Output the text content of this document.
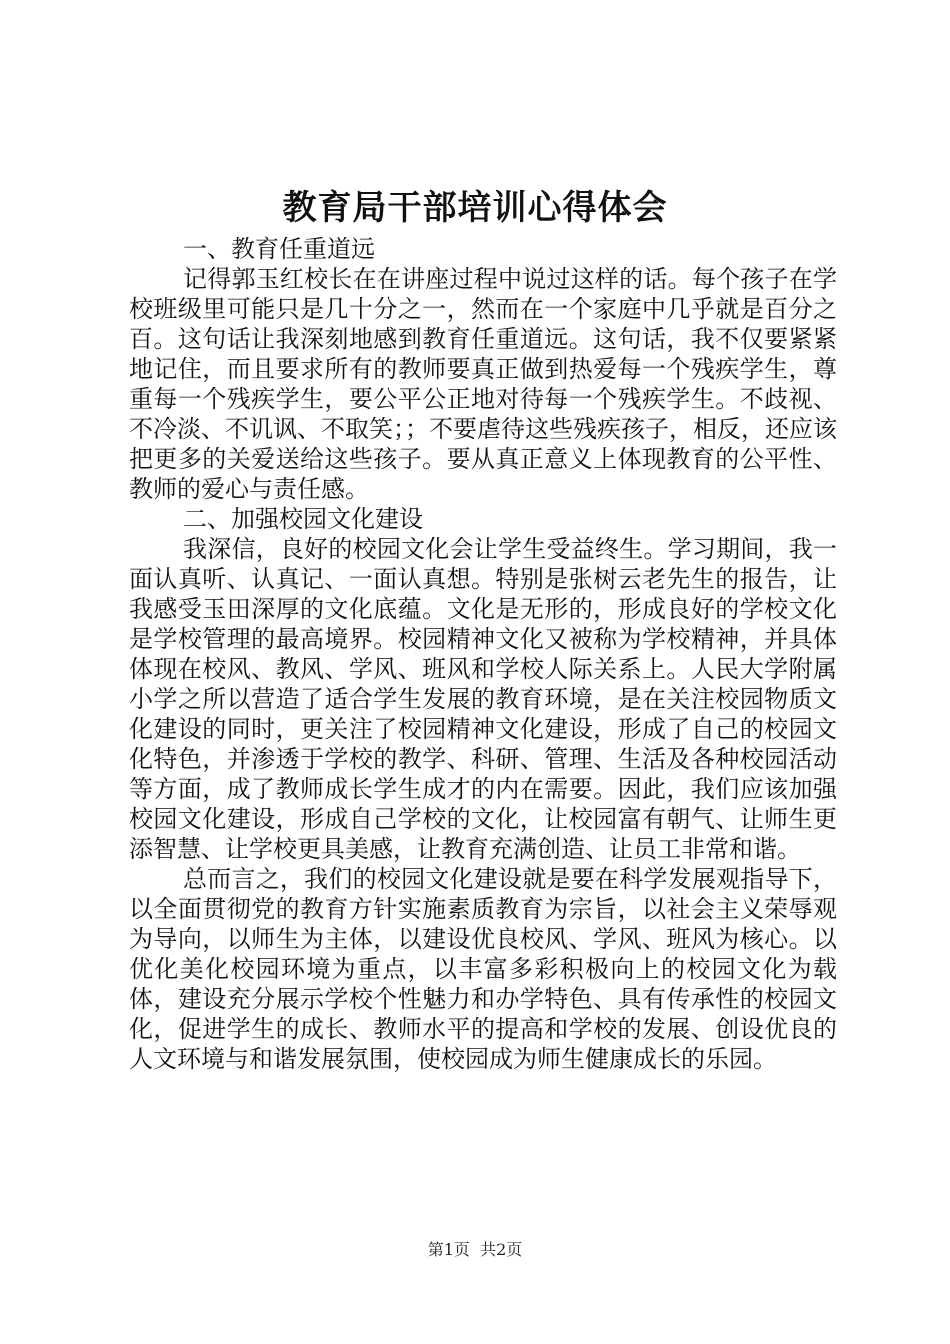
教育局干部培训心得体会

一、教育任重道远

记得郭玉红校长在在讲座过程中说过这样的话。每个孩子在学校班级里可能只是几十分之一，然而在一个家庭中几乎就是百分之百。这句话让我深刻地感到教育任重道远。这句话，我不仅要紧紧地记住，而且要求所有的教师要真正做到热爱每一个残疾学生，尊重每一个残疾学生，要公平公正地对待每一个残疾学生。不歧视、不冷淡、不讥讽、不取笑；；不要虐待这些残疾孩子，相反，还应该把更多的关爱送给这些孩子。要从真正意义上体现教育的公平性、教师的爱心与责任感。

二、加强校园文化建设

我深信，良好的校园文化会让学生受益终生。学习期间，我一面认真听、认真记、一面认真想。特别是张树云老先生的报告，让我感受玉田深厚的文化底蕴。文化是无形的，形成良好的学校文化是学校管理的最高境界。校园精神文化又被称为学校精神，并具体体现在校风、教风、学风、班风和学校人际关系上。人民大学附属小学之所以营造了适合学生发展的教育环境，是在关注校园物质文化建设的同时，更关注了校园精神文化建设，形成了自己的校园文化特色，并渗透于学校的教学、科研、管理、生活及各种校园活动等方面，成了教师成长学生成才的内在需要。因此，我们应该加强校园文化建设，形成自己学校的文化，让校园富有朝气、让师生更添智慧、让学校更具美感，让教育充满创造、让员工非常和谐。

总而言之，我们的校园文化建设就是要在科学发展观指导下，以全面贯彻党的教育方针实施素质教育为宗旨，以社会主义荣辱观为导向，以师生为主体，以建设优良校风、学风、班风为核心。以优化美化校园环境为重点，以丰富多彩积极向上的校园文化为载体，建设充分展示学校个性魅力和办学特色、具有传承性的校园文化，促进学生的成长、教师水平的提高和学校的发展、创设优良的人文环境与和谐发展氛围，使校园成为师生健康成长的乐园。

第1页 共2页
